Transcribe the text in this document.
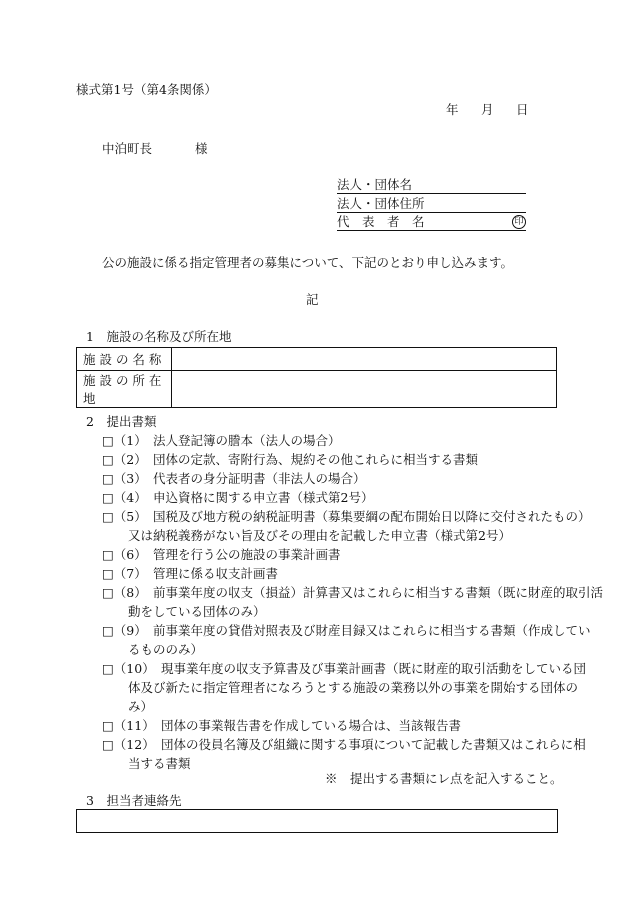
様式第1号（第4条関係）
年 月 日
中泊町長	様
法人・団体名
法人・団体住所
代　表　者　名	印
公の施設に係る指定管理者の募集について、下記のとおり申し込みます。
記
1　施設の名称及び所在地
施 設 の 名 称	
施 設 の 所 在 地	
2　提出書類
□（1）　法人登記簿の謄本（法人の場合）
□（2）　団体の定款、寄附行為、規約その他これらに相当する書類
□（3）　代表者の身分証明書（非法人の場合）
□（4）　申込資格に関する申立書（様式第2号）
□（5）　国税及び地方税の納税証明書（募集要綱の配布開始日以降に交付されたもの）
又は納税義務がない旨及びその理由を記載した申立書（様式第2号）
□（6）　管理を行う公の施設の事業計画書
□（7）　管理に係る収支計画書
□（8）　前事業年度の収支（損益）計算書又はこれらに相当する書類（既に財産的取引活
動をしている団体のみ）
□（9）　前事業年度の貸借対照表及び財産目録又はこれらに相当する書類（作成してい
るもののみ）
□（10）　現事業年度の収支予算書及び事業計画書（既に財産的取引活動をしている団
体及び新たに指定管理者になろうとする施設の業務以外の事業を開始する団体の
み）
□（11）　団体の事業報告書を作成している場合は、当該報告書
□（12）　団体の役員名簿及び組織に関する事項について記載した書類又はこれらに相
当する書類
※　提出する書類にレ点を記入すること。
3　担当者連絡先
